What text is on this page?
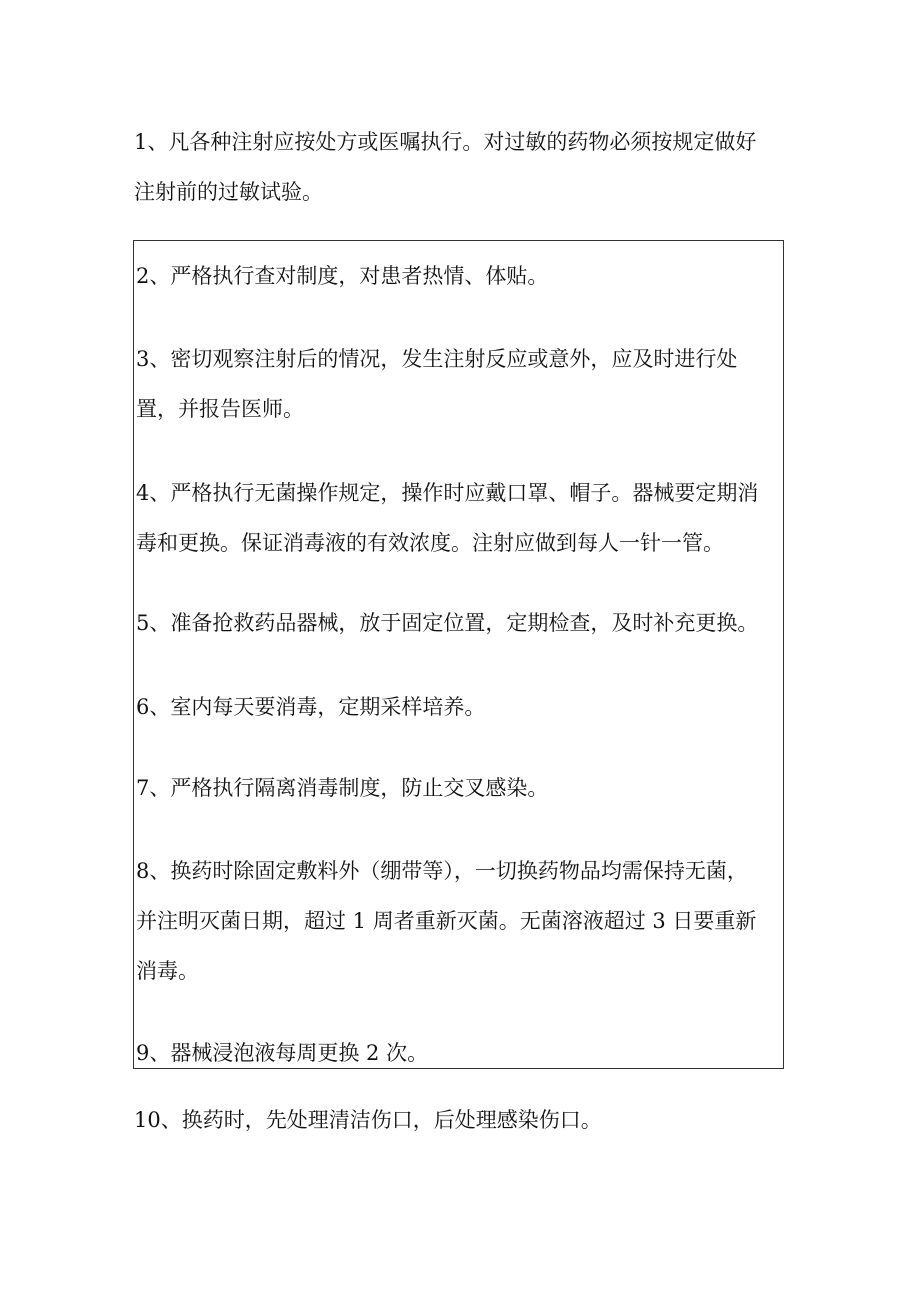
1、凡各种注射应按处方或医嘱执行。对过敏的药物必须按规定做好
注射前的过敏试验。

2、严格执行查对制度，对患者热情、体贴。

3、密切观察注射后的情况，发生注射反应或意外，应及时进行处
置，并报告医师。

4、严格执行无菌操作规定，操作时应戴口罩、帽子。器械要定期消
毒和更换。保证消毒液的有效浓度。注射应做到每人一针一管。

5、准备抢救药品器械，放于固定位置，定期检查，及时补充更换。

6、室内每天要消毒，定期采样培养。

7、严格执行隔离消毒制度，防止交叉感染。

8、换药时除固定敷料外（绷带等），一切换药物品均需保持无菌，
并注明灭菌日期，超过 1 周者重新灭菌。无菌溶液超过 3 日要重新
消毒。

9、器械浸泡液每周更换 2 次。

10、换药时，先处理清洁伤口，后处理感染伤口。
